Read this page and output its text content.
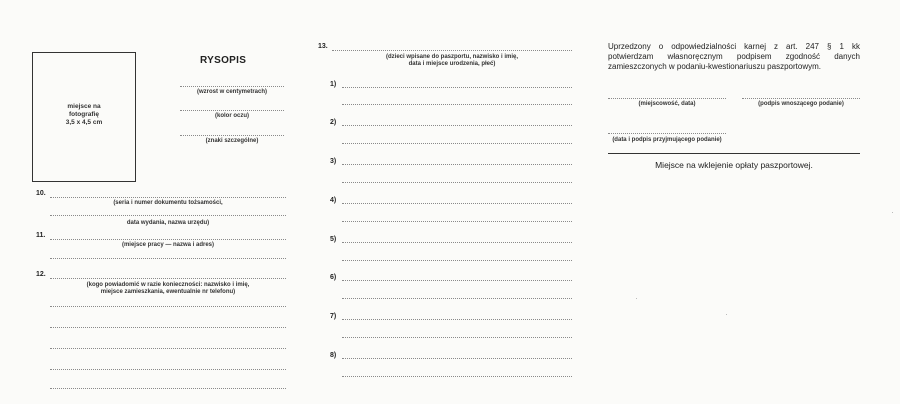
miejsce na
fotografię
3,5 x 4,5 cm
RYSOPIS
(wzrost w centymetrach)
(kolor oczu)
(znaki szczególne)
10.
(seria i numer dokumentu tożsamości,
data wydania, nazwa urzędu)
11.
(miejsce pracy — nazwa i adres)
12.
(kogo powiadomić w razie konieczności: nazwisko i imię,
miejsce zamieszkania, ewentualnie nr telefonu)
13.
(dzieci wpisane do paszportu, nazwisko i imię,
data i miejsce urodzenia, płeć)
1)
2)
3)
4)
5)
6)
7)
8)
Uprzedzony o odpowiedzialności karnej z art. 247 § 1 kk
potwierdzam własnoręcznym podpisem zgodność danych
zamieszczonych w podaniu-kwestionariuszu paszportowym.
(miejscowość, data)	(podpis wnoszącego podanie)
(data i podpis przyjmującego podanie)
Miejsce na wklejenie opłaty paszportowej.
